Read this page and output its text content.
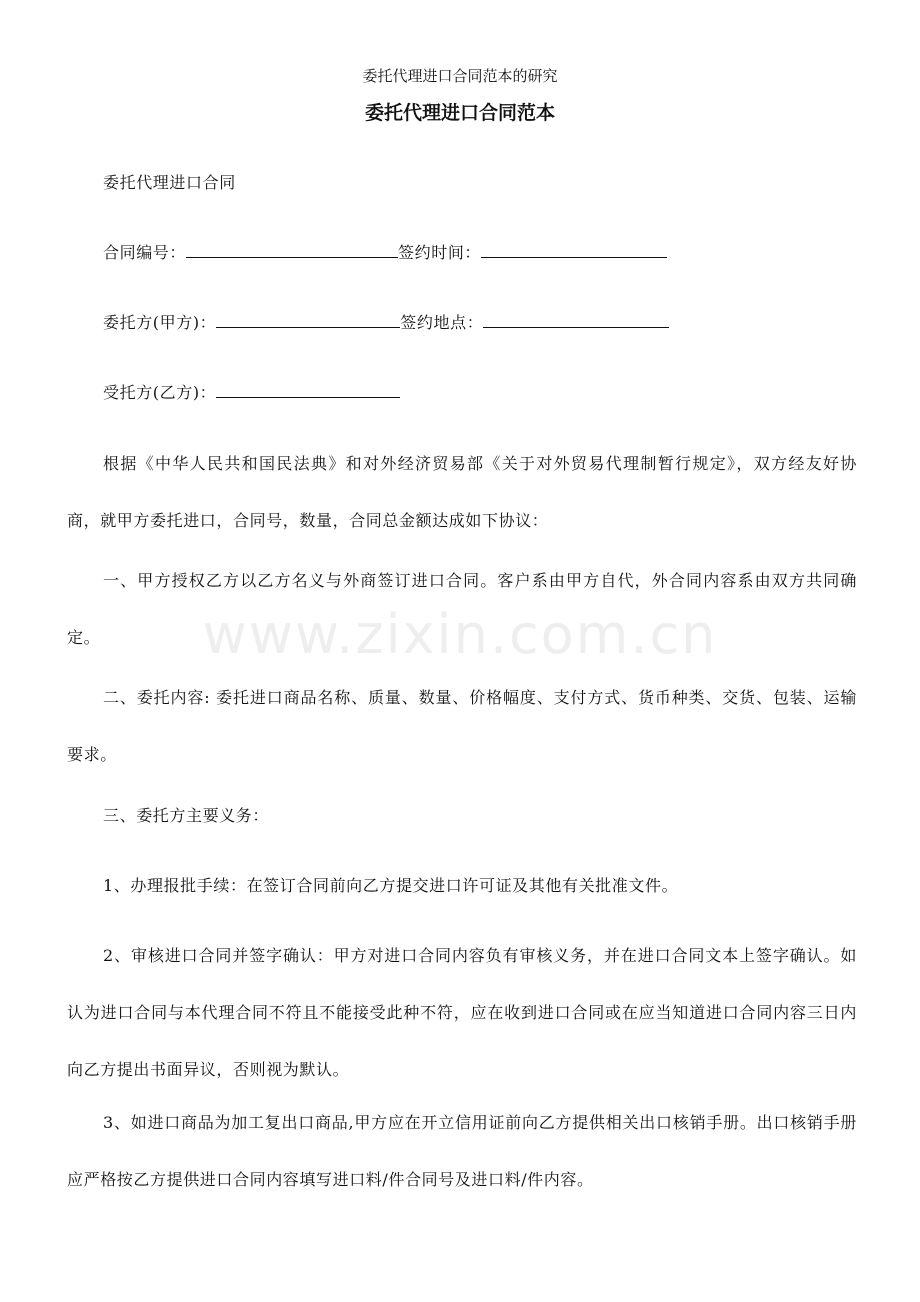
委托代理进口合同范本的研究
委托代理进口合同范本
委托代理进口合同
合同编号：	签约时间：
委托方(甲方)：	签约地点：
受托方(乙方)：
根据《中华人民共和国民法典》和对外经济贸易部《关于对外贸易代理制暂行规定》，双方经友好协商，就甲方委托进口，合同号，数量，合同总金额达成如下协议：
一、甲方授权乙方以乙方名义与外商签订进口合同。客户系由甲方自代，外合同内容系由双方共同确定。
二、委托内容: 委托进口商品名称、质量、数量、价格幅度、支付方式、货币种类、交货、包装、运输要求。
三、委托方主要义务：
1、办理报批手续：在签订合同前向乙方提交进口许可证及其他有关批准文件。
2、审核进口合同并签字确认：甲方对进口合同内容负有审核义务，并在进口合同文本上签字确认。如认为进口合同与本代理合同不符且不能接受此种不符，应在收到进口合同或在应当知道进口合同内容三日内向乙方提出书面异议，否则视为默认。
3、如进口商品为加工复出口商品,甲方应在开立信用证前向乙方提供相关出口核销手册。出口核销手册应严格按乙方提供进口合同内容填写进口料/件合同号及进口料/件内容。
www.zixin.com.cn
